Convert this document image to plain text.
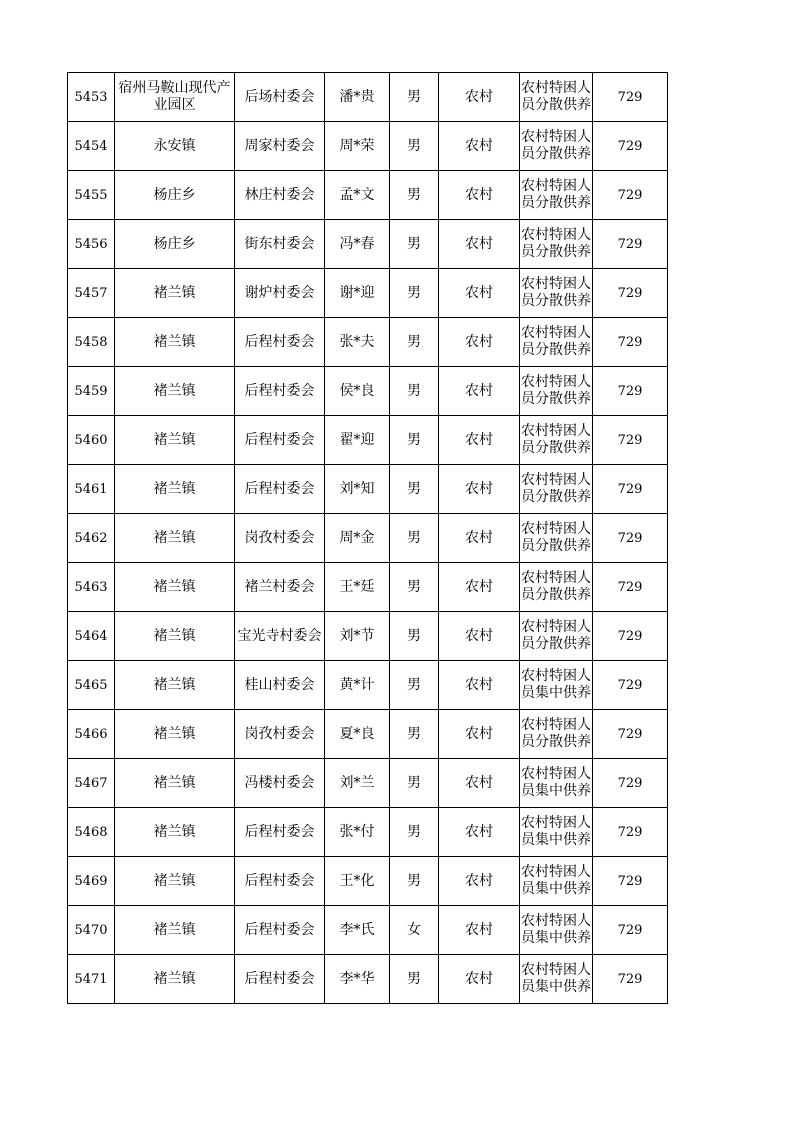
5453	宿州马鞍山现代产业园区	后场村委会	潘*贵	男	农村	农村特困人员分散供养	729
5454	永安镇	周家村委会	周*荣	男	农村	农村特困人员分散供养	729
5455	杨庄乡	林庄村委会	孟*文	男	农村	农村特困人员分散供养	729
5456	杨庄乡	街东村委会	冯*春	男	农村	农村特困人员分散供养	729
5457	褚兰镇	谢炉村委会	谢*迎	男	农村	农村特困人员分散供养	729
5458	褚兰镇	后程村委会	张*夫	男	农村	农村特困人员分散供养	729
5459	褚兰镇	后程村委会	侯*良	男	农村	农村特困人员分散供养	729
5460	褚兰镇	后程村委会	翟*迎	男	农村	农村特困人员分散供养	729
5461	褚兰镇	后程村委会	刘*知	男	农村	农村特困人员分散供养	729
5462	褚兰镇	岗孜村委会	周*金	男	农村	农村特困人员分散供养	729
5463	褚兰镇	褚兰村委会	王*廷	男	农村	农村特困人员分散供养	729
5464	褚兰镇	宝光寺村委会	刘*节	男	农村	农村特困人员分散供养	729
5465	褚兰镇	桂山村委会	黄*计	男	农村	农村特困人员集中供养	729
5466	褚兰镇	岗孜村委会	夏*良	男	农村	农村特困人员分散供养	729
5467	褚兰镇	冯楼村委会	刘*兰	男	农村	农村特困人员集中供养	729
5468	褚兰镇	后程村委会	张*付	男	农村	农村特困人员集中供养	729
5469	褚兰镇	后程村委会	王*化	男	农村	农村特困人员集中供养	729
5470	褚兰镇	后程村委会	李*氏	女	农村	农村特困人员集中供养	729
5471	褚兰镇	后程村委会	李*华	男	农村	农村特困人员集中供养	729
